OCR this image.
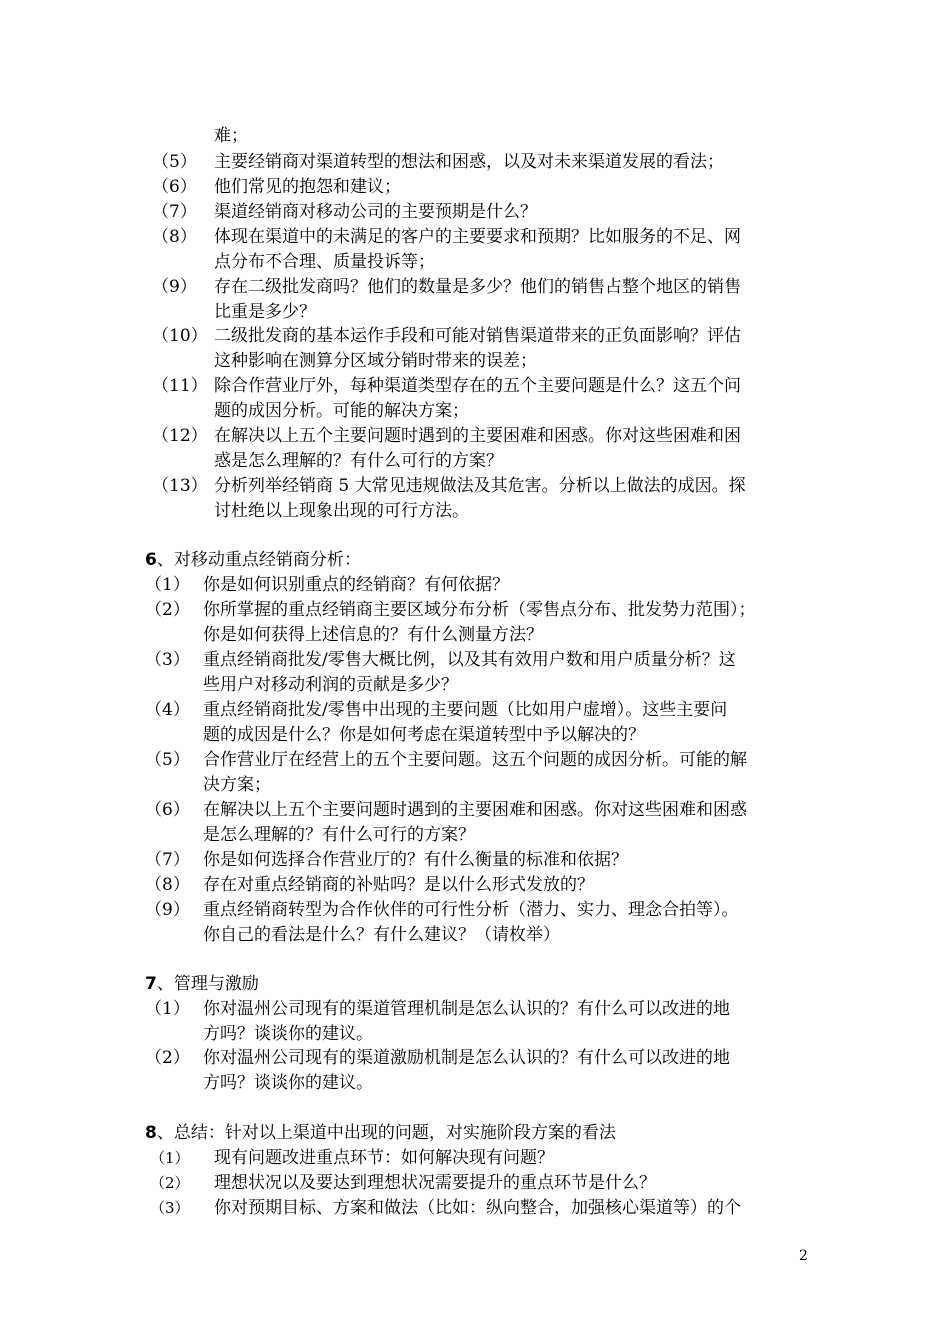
难；
（5） 主要经销商对渠道转型的想法和困惑，以及对未来渠道发展的看法；
（6） 他们常见的抱怨和建议；
（7） 渠道经销商对移动公司的主要预期是什么？
（8） 体现在渠道中的未满足的客户的主要要求和预期？比如服务的不足、网
点分布不合理、质量投诉等；
（9） 存在二级批发商吗？他们的数量是多少？他们的销售占整个地区的销售
比重是多少？
（10） 二级批发商的基本运作手段和可能对销售渠道带来的正负面影响？评估
这种影响在测算分区域分销时带来的误差；
（11） 除合作营业厅外，每种渠道类型存在的五个主要问题是什么？这五个问
题的成因分析。可能的解决方案；
（12） 在解决以上五个主要问题时遇到的主要困难和困惑。你对这些困难和困
惑是怎么理解的？有什么可行的方案？
（13） 分析列举经销商 5 大常见违规做法及其危害。分析以上做法的成因。探
讨杜绝以上现象出现的可行方法。
6、对移动重点经销商分析：
（1） 你是如何识别重点的经销商？有何依据？
（2） 你所掌握的重点经销商主要区域分布分析（零售点分布、批发势力范围）；
你是如何获得上述信息的？有什么测量方法？
（3） 重点经销商批发/零售大概比例，以及其有效用户数和用户质量分析？这
些用户对移动利润的贡献是多少？
（4） 重点经销商批发/零售中出现的主要问题（比如用户虚增）。这些主要问
题的成因是什么？你是如何考虑在渠道转型中予以解决的？
（5） 合作营业厅在经营上的五个主要问题。这五个问题的成因分析。可能的解
决方案；
（6） 在解决以上五个主要问题时遇到的主要困难和困惑。你对这些困难和困惑
是怎么理解的？有什么可行的方案？
（7） 你是如何选择合作营业厅的？有什么衡量的标准和依据？
（8） 存在对重点经销商的补贴吗？是以什么形式发放的？
（9） 重点经销商转型为合作伙伴的可行性分析（潜力、实力、理念合拍等）。
你自己的看法是什么？有什么建议？（请枚举）
7、管理与激励
（1） 你对温州公司现有的渠道管理机制是怎么认识的？有什么可以改进的地
方吗？谈谈你的建议。
（2） 你对温州公司现有的渠道激励机制是怎么认识的？有什么可以改进的地
方吗？谈谈你的建议。
8、总结：针对以上渠道中出现的问题，对实施阶段方案的看法
（1） 现有问题改进重点环节：如何解决现有问题？
（2） 理想状况以及要达到理想状况需要提升的重点环节是什么？
（3） 你对预期目标、方案和做法（比如：纵向整合，加强核心渠道等）的个
2
